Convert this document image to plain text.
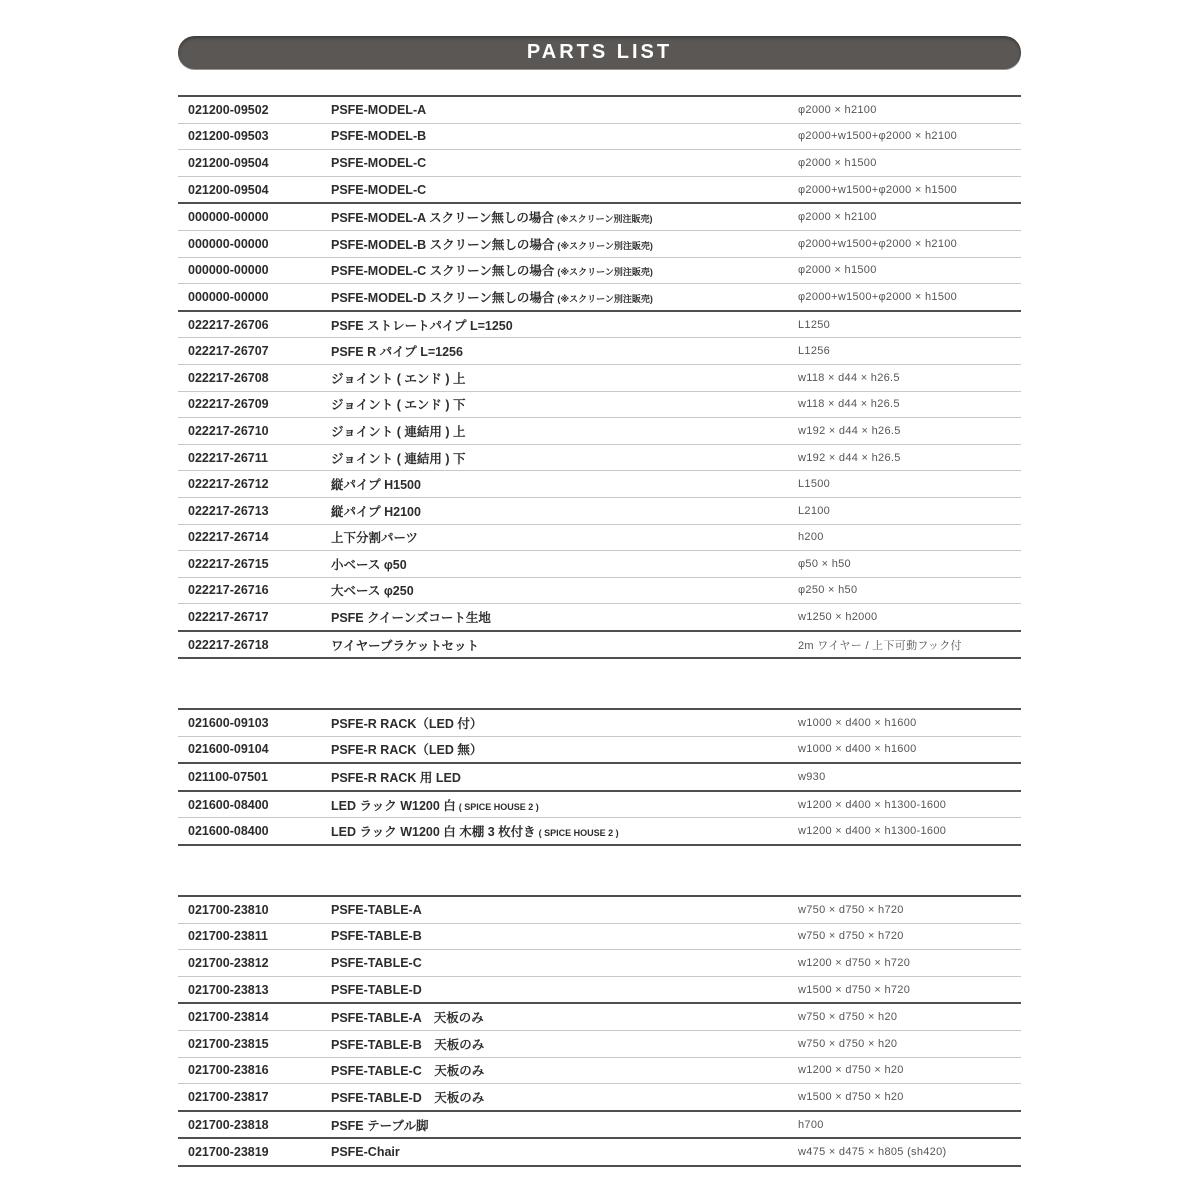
PARTS LIST
021200-09502	PSFE-MODEL-A	φ2000 × h2100
021200-09503	PSFE-MODEL-B	φ2000+w1500+φ2000 × h2100
021200-09504	PSFE-MODEL-C	φ2000 × h1500
021200-09504	PSFE-MODEL-C	φ2000+w1500+φ2000 × h1500
000000-00000	PSFE-MODEL-A スクリーン無しの場合 (※スクリーン別注販売)	φ2000 × h2100
000000-00000	PSFE-MODEL-B スクリーン無しの場合 (※スクリーン別注販売)	φ2000+w1500+φ2000 × h2100
000000-00000	PSFE-MODEL-C スクリーン無しの場合 (※スクリーン別注販売)	φ2000 × h1500
000000-00000	PSFE-MODEL-D スクリーン無しの場合 (※スクリーン別注販売)	φ2000+w1500+φ2000 × h1500
022217-26706	PSFE ストレートパイプ L=1250	L1250
022217-26707	PSFE R パイプ L=1256	L1256
022217-26708	ジョイント ( エンド ) 上	w118 × d44 × h26.5
022217-26709	ジョイント ( エンド ) 下	w118 × d44 × h26.5
022217-26710	ジョイント ( 連結用 ) 上	w192 × d44 × h26.5
022217-26711	ジョイント ( 連結用 ) 下	w192 × d44 × h26.5
022217-26712	縦パイプ H1500	L1500
022217-26713	縦パイプ H2100	L2100
022217-26714	上下分割パーツ	h200
022217-26715	小ベース φ50	φ50 × h50
022217-26716	大ベース φ250	φ250 × h50
022217-26717	PSFE クイーンズコート生地	w1250 × h2000
022217-26718	ワイヤーブラケットセット	2m ワイヤー / 上下可動フック付
021600-09103	PSFE-R RACK（LED 付）	w1000 × d400 × h1600
021600-09104	PSFE-R RACK（LED 無）	w1000 × d400 × h1600
021100-07501	PSFE-R RACK 用 LED	w930
021600-08400	LED ラック W1200 白 ( SPICE HOUSE 2 )	w1200 × d400 × h1300-1600
021600-08400	LED ラック W1200 白 木棚 3 枚付き ( SPICE HOUSE 2 )	w1200 × d400 × h1300-1600
021700-23810	PSFE-TABLE-A	w750 × d750 × h720
021700-23811	PSFE-TABLE-B	w750 × d750 × h720
021700-23812	PSFE-TABLE-C	w1200 × d750 × h720
021700-23813	PSFE-TABLE-D	w1500 × d750 × h720
021700-23814	PSFE-TABLE-A　天板のみ	w750 × d750 × h20
021700-23815	PSFE-TABLE-B　天板のみ	w750 × d750 × h20
021700-23816	PSFE-TABLE-C　天板のみ	w1200 × d750 × h20
021700-23817	PSFE-TABLE-D　天板のみ	w1500 × d750 × h20
021700-23818	PSFE テーブル脚	h700
021700-23819	PSFE-Chair	w475 × d475 × h805 (sh420)
